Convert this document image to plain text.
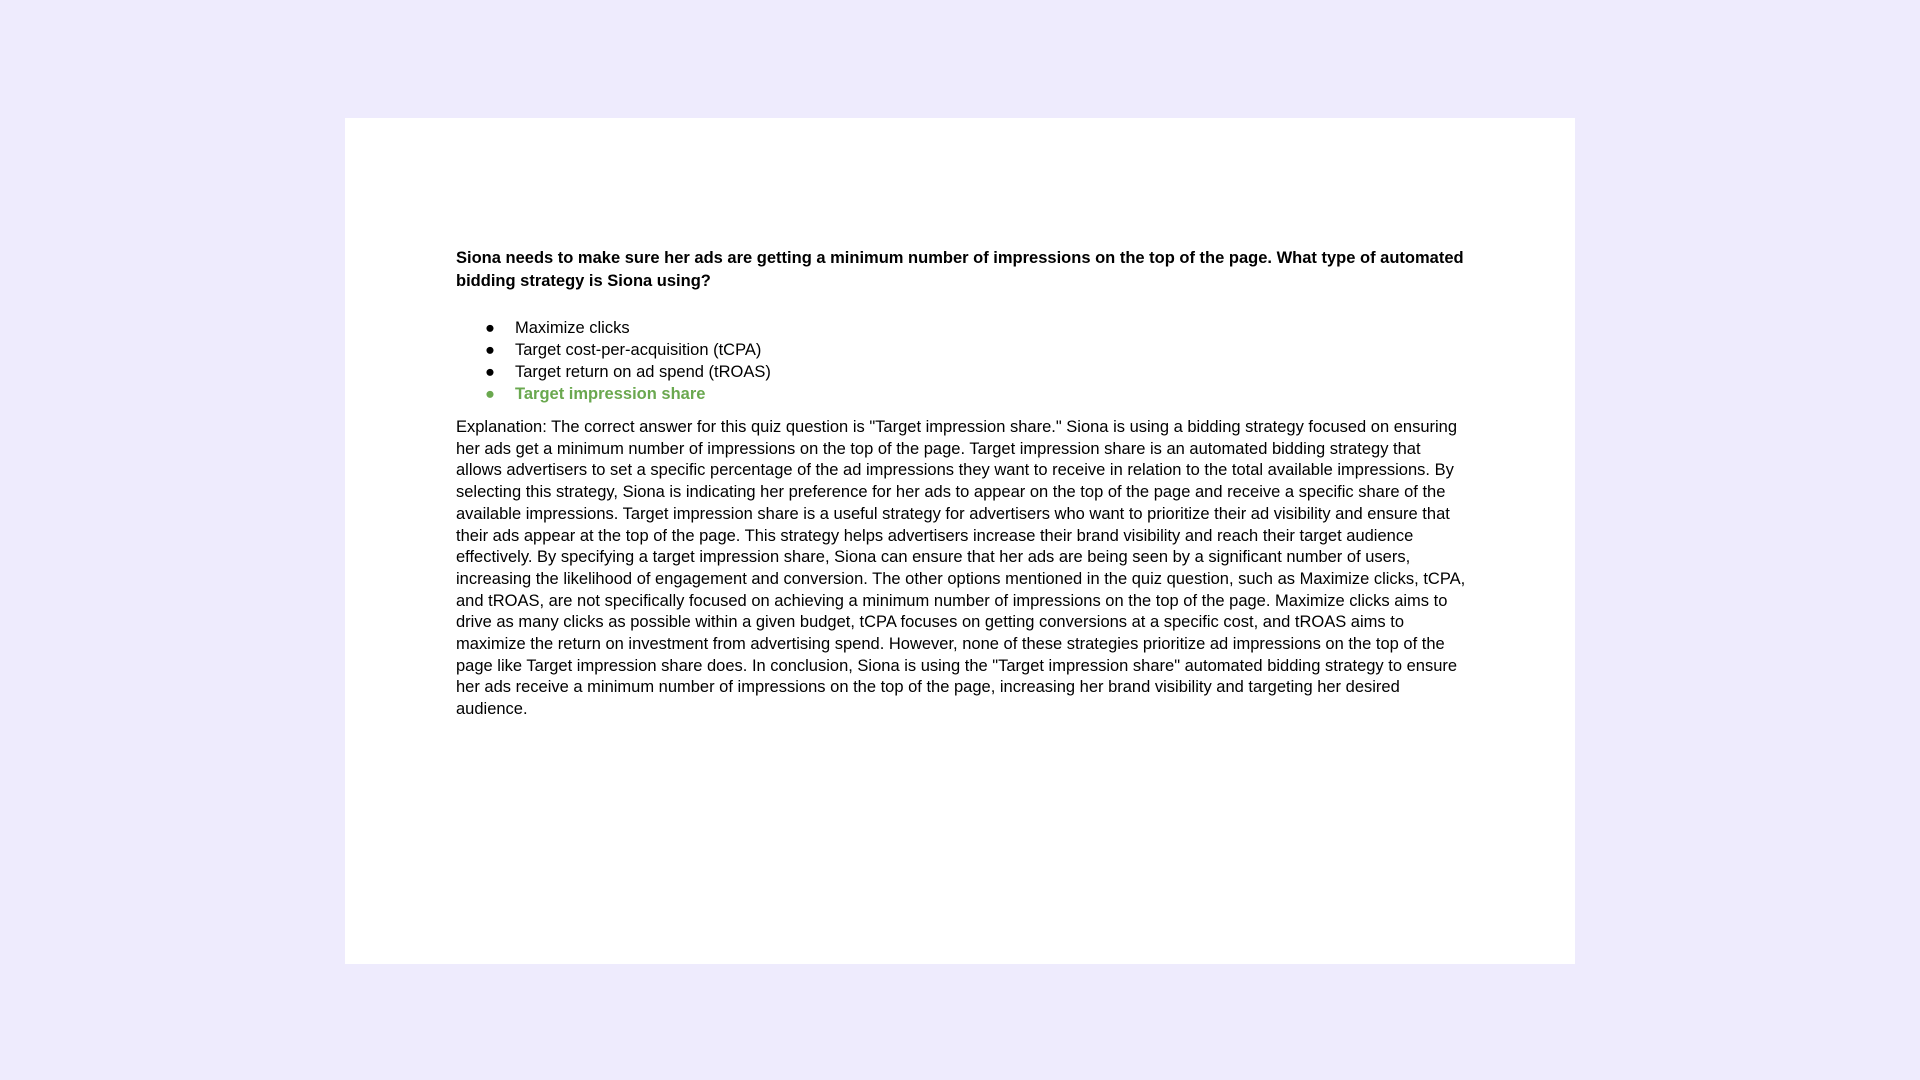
Siona needs to make sure her ads are getting a minimum number of impressions on the top of the page. What type of automated bidding strategy is Siona using?

● Maximize clicks
● Target cost-per-acquisition (tCPA)
● Target return on ad spend (tROAS)
● Target impression share

Explanation: The correct answer for this quiz question is "Target impression share." Siona is using a bidding strategy focused on ensuring her ads get a minimum number of impressions on the top of the page. Target impression share is an automated bidding strategy that allows advertisers to set a specific percentage of the ad impressions they want to receive in relation to the total available impressions. By selecting this strategy, Siona is indicating her preference for her ads to appear on the top of the page and receive a specific share of the available impressions. Target impression share is a useful strategy for advertisers who want to prioritize their ad visibility and ensure that their ads appear at the top of the page. This strategy helps advertisers increase their brand visibility and reach their target audience effectively. By specifying a target impression share, Siona can ensure that her ads are being seen by a significant number of users, increasing the likelihood of engagement and conversion. The other options mentioned in the quiz question, such as Maximize clicks, tCPA, and tROAS, are not specifically focused on achieving a minimum number of impressions on the top of the page. Maximize clicks aims to drive as many clicks as possible within a given budget, tCPA focuses on getting conversions at a specific cost, and tROAS aims to maximize the return on investment from advertising spend. However, none of these strategies prioritize ad impressions on the top of the page like Target impression share does. In conclusion, Siona is using the "Target impression share" automated bidding strategy to ensure her ads receive a minimum number of impressions on the top of the page, increasing her brand visibility and targeting her desired audience.
